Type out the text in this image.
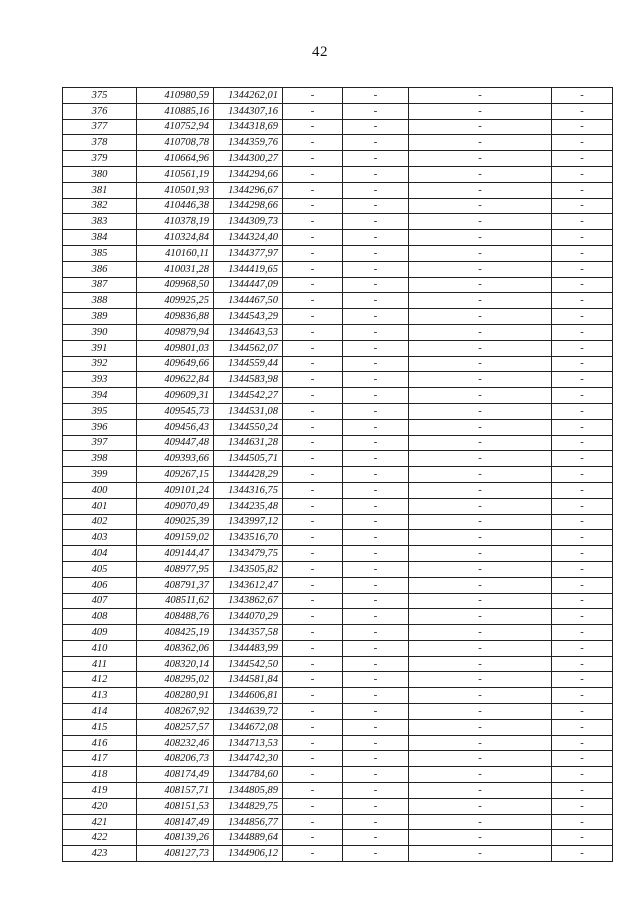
42
375	410980,59	1344262,01	-	-	-	-
376	410885,16	1344307,16	-	-	-	-
377	410752,94	1344318,69	-	-	-	-
378	410708,78	1344359,76	-	-	-	-
379	410664,96	1344300,27	-	-	-	-
380	410561,19	1344294,66	-	-	-	-
381	410501,93	1344296,67	-	-	-	-
382	410446,38	1344298,66	-	-	-	-
383	410378,19	1344309,73	-	-	-	-
384	410324,84	1344324,40	-	-	-	-
385	410160,11	1344377,97	-	-	-	-
386	410031,28	1344419,65	-	-	-	-
387	409968,50	1344447,09	-	-	-	-
388	409925,25	1344467,50	-	-	-	-
389	409836,88	1344543,29	-	-	-	-
390	409879,94	1344643,53	-	-	-	-
391	409801,03	1344562,07	-	-	-	-
392	409649,66	1344559,44	-	-	-	-
393	409622,84	1344583,98	-	-	-	-
394	409609,31	1344542,27	-	-	-	-
395	409545,73	1344531,08	-	-	-	-
396	409456,43	1344550,24	-	-	-	-
397	409447,48	1344631,28	-	-	-	-
398	409393,66	1344505,71	-	-	-	-
399	409267,15	1344428,29	-	-	-	-
400	409101,24	1344316,75	-	-	-	-
401	409070,49	1344235,48	-	-	-	-
402	409025,39	1343997,12	-	-	-	-
403	409159,02	1343516,70	-	-	-	-
404	409144,47	1343479,75	-	-	-	-
405	408977,95	1343505,82	-	-	-	-
406	408791,37	1343612,47	-	-	-	-
407	408511,62	1343862,67	-	-	-	-
408	408488,76	1344070,29	-	-	-	-
409	408425,19	1344357,58	-	-	-	-
410	408362,06	1344483,99	-	-	-	-
411	408320,14	1344542,50	-	-	-	-
412	408295,02	1344581,84	-	-	-	-
413	408280,91	1344606,81	-	-	-	-
414	408267,92	1344639,72	-	-	-	-
415	408257,57	1344672,08	-	-	-	-
416	408232,46	1344713,53	-	-	-	-
417	408206,73	1344742,30	-	-	-	-
418	408174,49	1344784,60	-	-	-	-
419	408157,71	1344805,89	-	-	-	-
420	408151,53	1344829,75	-	-	-	-
421	408147,49	1344856,77	-	-	-	-
422	408139,26	1344889,64	-	-	-	-
423	408127,73	1344906,12	-	-	-	-
